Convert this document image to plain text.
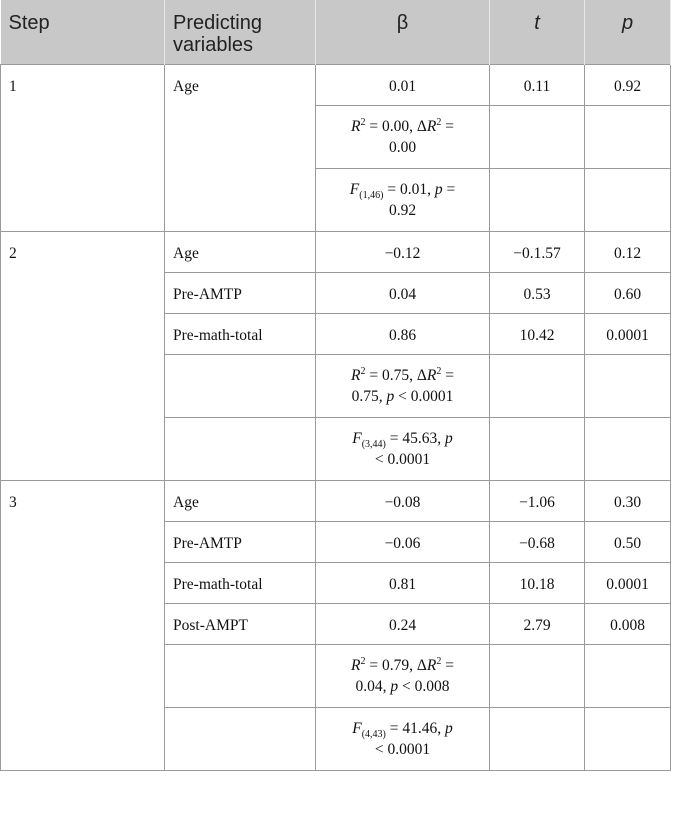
Step	Predicting variables	β	t	p
1	Age	0.01	0.11	0.92
		$R^2 = 0.00$, $\Delta R^2$ =
0.00		
		$F_{(1,46)} = 0.01$, p =
0.92		
2	Age	−0.12	−0.1.57	0.12
	Pre-AMTP	0.04	0.53	0.60
	Pre-math-total	0.86	10.42	0.0001
		$R^2 = 0.75$, $\Delta R^2$ =
0.75, p < 0.0001		
		$F_{(3,44)} = 45.63$, p
< 0.0001		
3	Age	−0.08	−1.06	0.30
	Pre-AMTP	−0.06	−0.68	0.50
	Pre-math-total	0.81	10.18	0.0001
	Post-AMPT	0.24	2.79	0.008
		$R^2 = 0.79$, $\Delta R^2$ =
0.04, p < 0.008		
		$F_{(4,43)} = 41.46$, p
< 0.0001		
